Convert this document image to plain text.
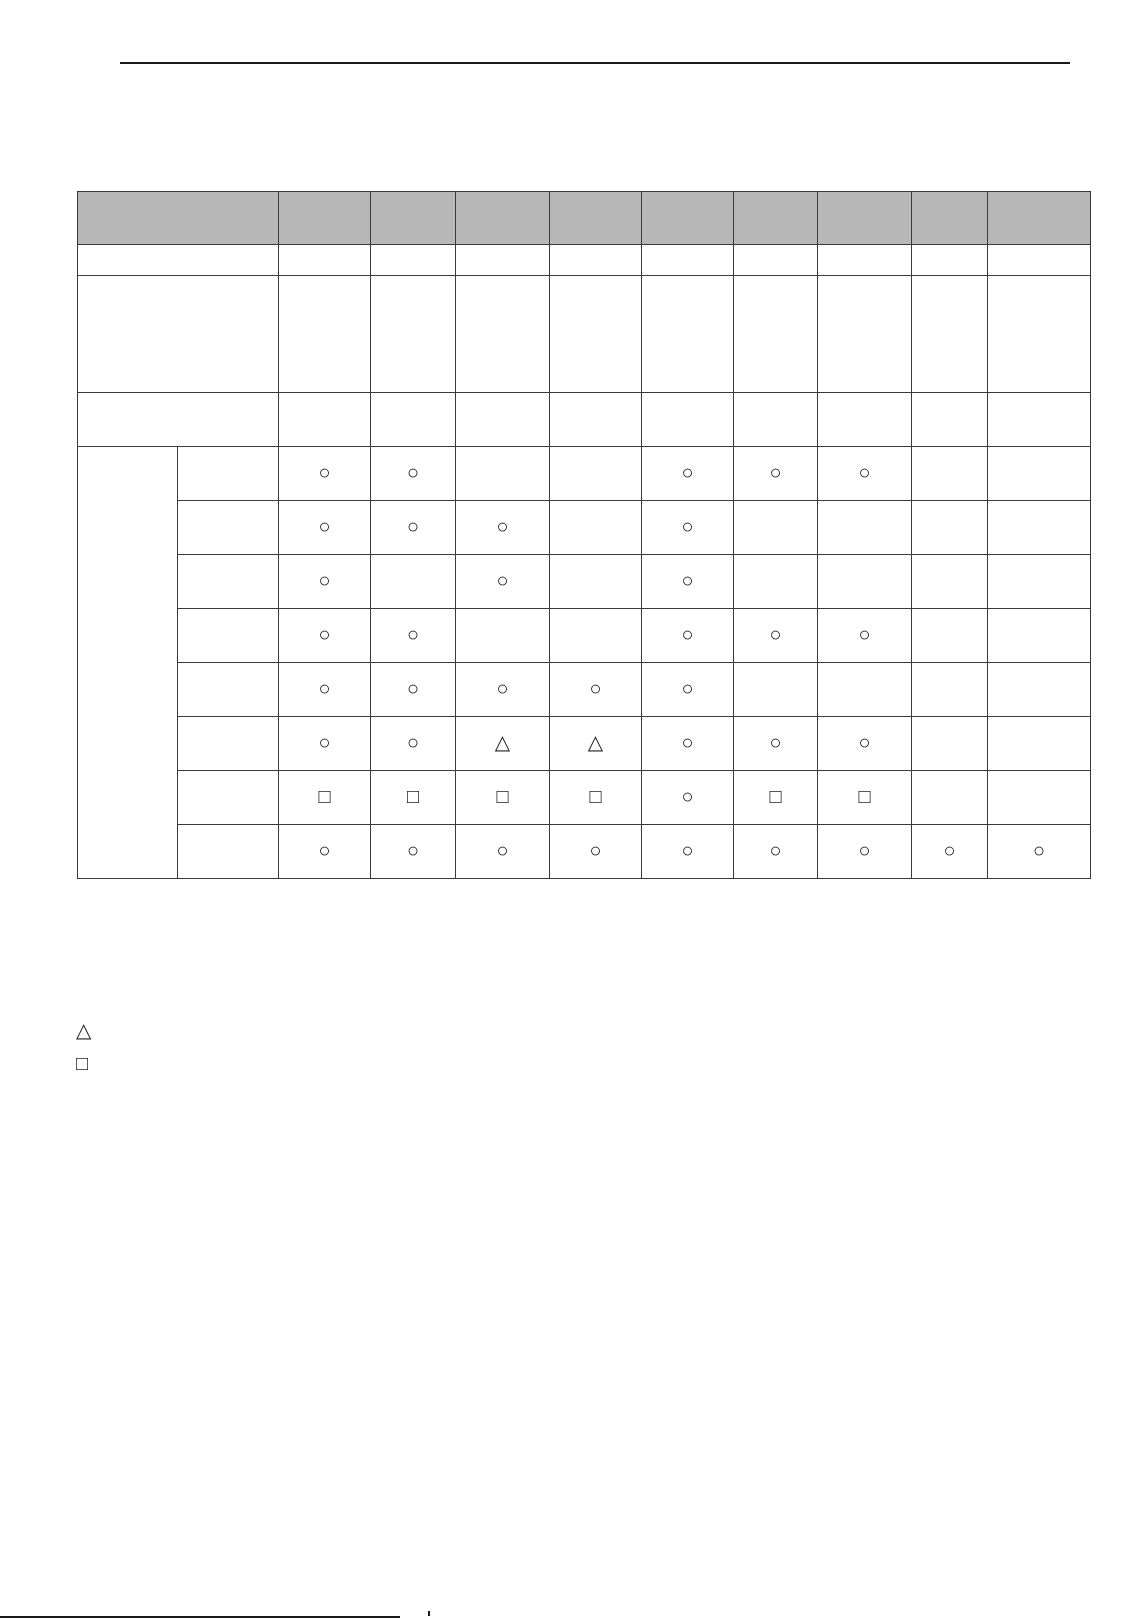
		○	○			○	○	○		
		○	○	○		○				
		○		○		○				
		○	○			○	○	○		
		○	○	○	○	○				
		○	○	△	△	○	○	○		
		□	□	□	□	○	□	□		
		○	○	○	○	○	○	○	○	○
△
□
